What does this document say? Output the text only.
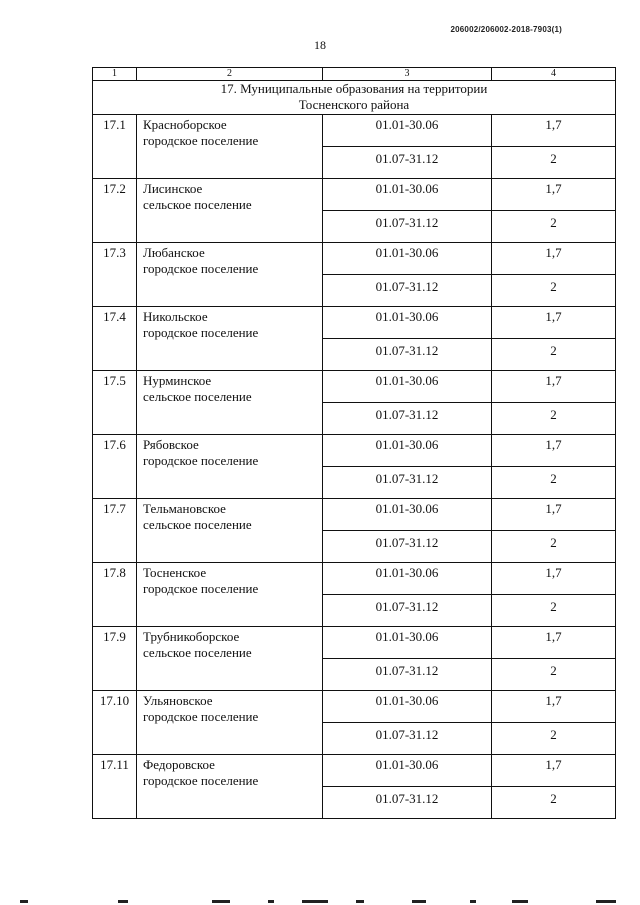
206002/206002-2018-7903(1)
18
1	2	3	4

17. Муниципальные образования на территории
Тосненского района			

17.1	Красноборское
городское поселение	01.01-30.06	1,7
		01.07-31.12	2
17.2	Лисинское
сельское поселение	01.01-30.06	1,7
		01.07-31.12	2
17.3	Любанское
городское поселение	01.01-30.06	1,7
		01.07-31.12	2
17.4	Никольское
городское поселение	01.01-30.06	1,7
		01.07-31.12	2
17.5	Нурминское
сельское поселение	01.01-30.06	1,7
		01.07-31.12	2
17.6	Рябовское
городское поселение	01.01-30.06	1,7
		01.07-31.12	2
17.7	Тельмановское
сельское поселение	01.01-30.06	1,7
		01.07-31.12	2
17.8	Тосненское
городское поселение	01.01-30.06	1,7
		01.07-31.12	2
17.9	Трубникоборское
сельское поселение	01.01-30.06	1,7
		01.07-31.12	2
17.10	Ульяновское
городское поселение	01.01-30.06	1,7
		01.07-31.12	2
17.11	Федоровское
городское поселение	01.01-30.06	1,7
		01.07-31.12	2
